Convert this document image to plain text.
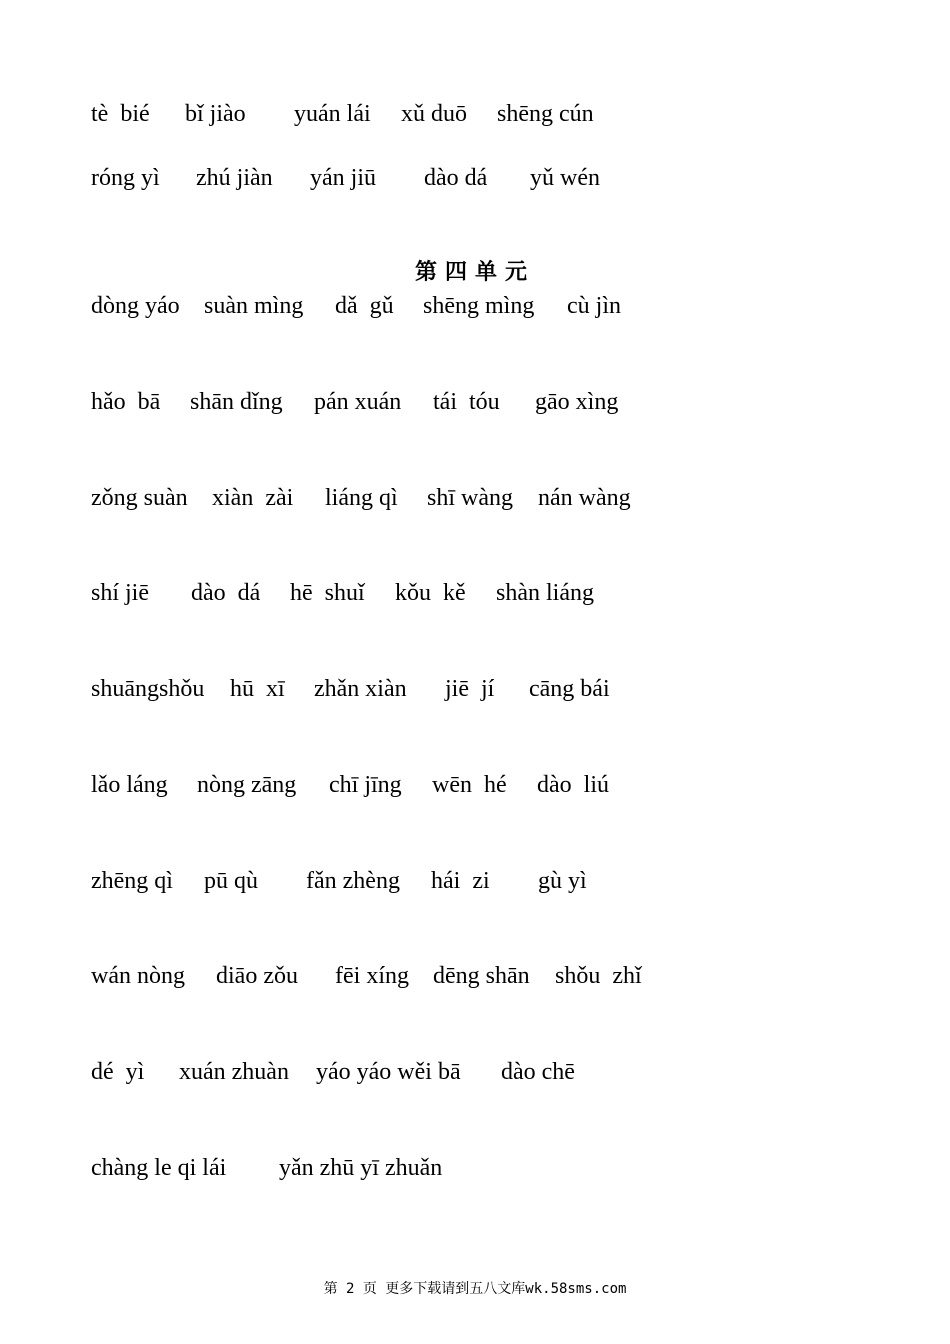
tè  bié bǐ jiào yuán lái xǔ duō shēng cún
róng yì zhú jiàn yán jiū dào dá yǔ wén
第四单元
dòng yáo suàn mìng dǎ  gǔ shēng mìng cù jìn
hǎo  bā shān dǐng pán xuán tái  tóu gāo xìng
zǒng suàn xiàn  zài liáng qì shī wàng nán wàng
shí jiē dào  dá hē  shuǐ kǒu  kě shàn liáng
shuāngshǒu hū  xī zhǎn xiàn jiē  jí cāng bái
lǎo láng nòng zāng chī jīng wēn  hé dào  liú
zhēng qì pū qù fǎn zhèng hái  zi gù yì
wán nòng diāo zǒu fēi xíng dēng shān shǒu  zhǐ
dé  yì xuán zhuàn yáo yáo wěi bā dào chē
chàng le qi lái yǎn zhū yī zhuǎn
第 2 页 更多下载请到五八文库wk.58sms.com
